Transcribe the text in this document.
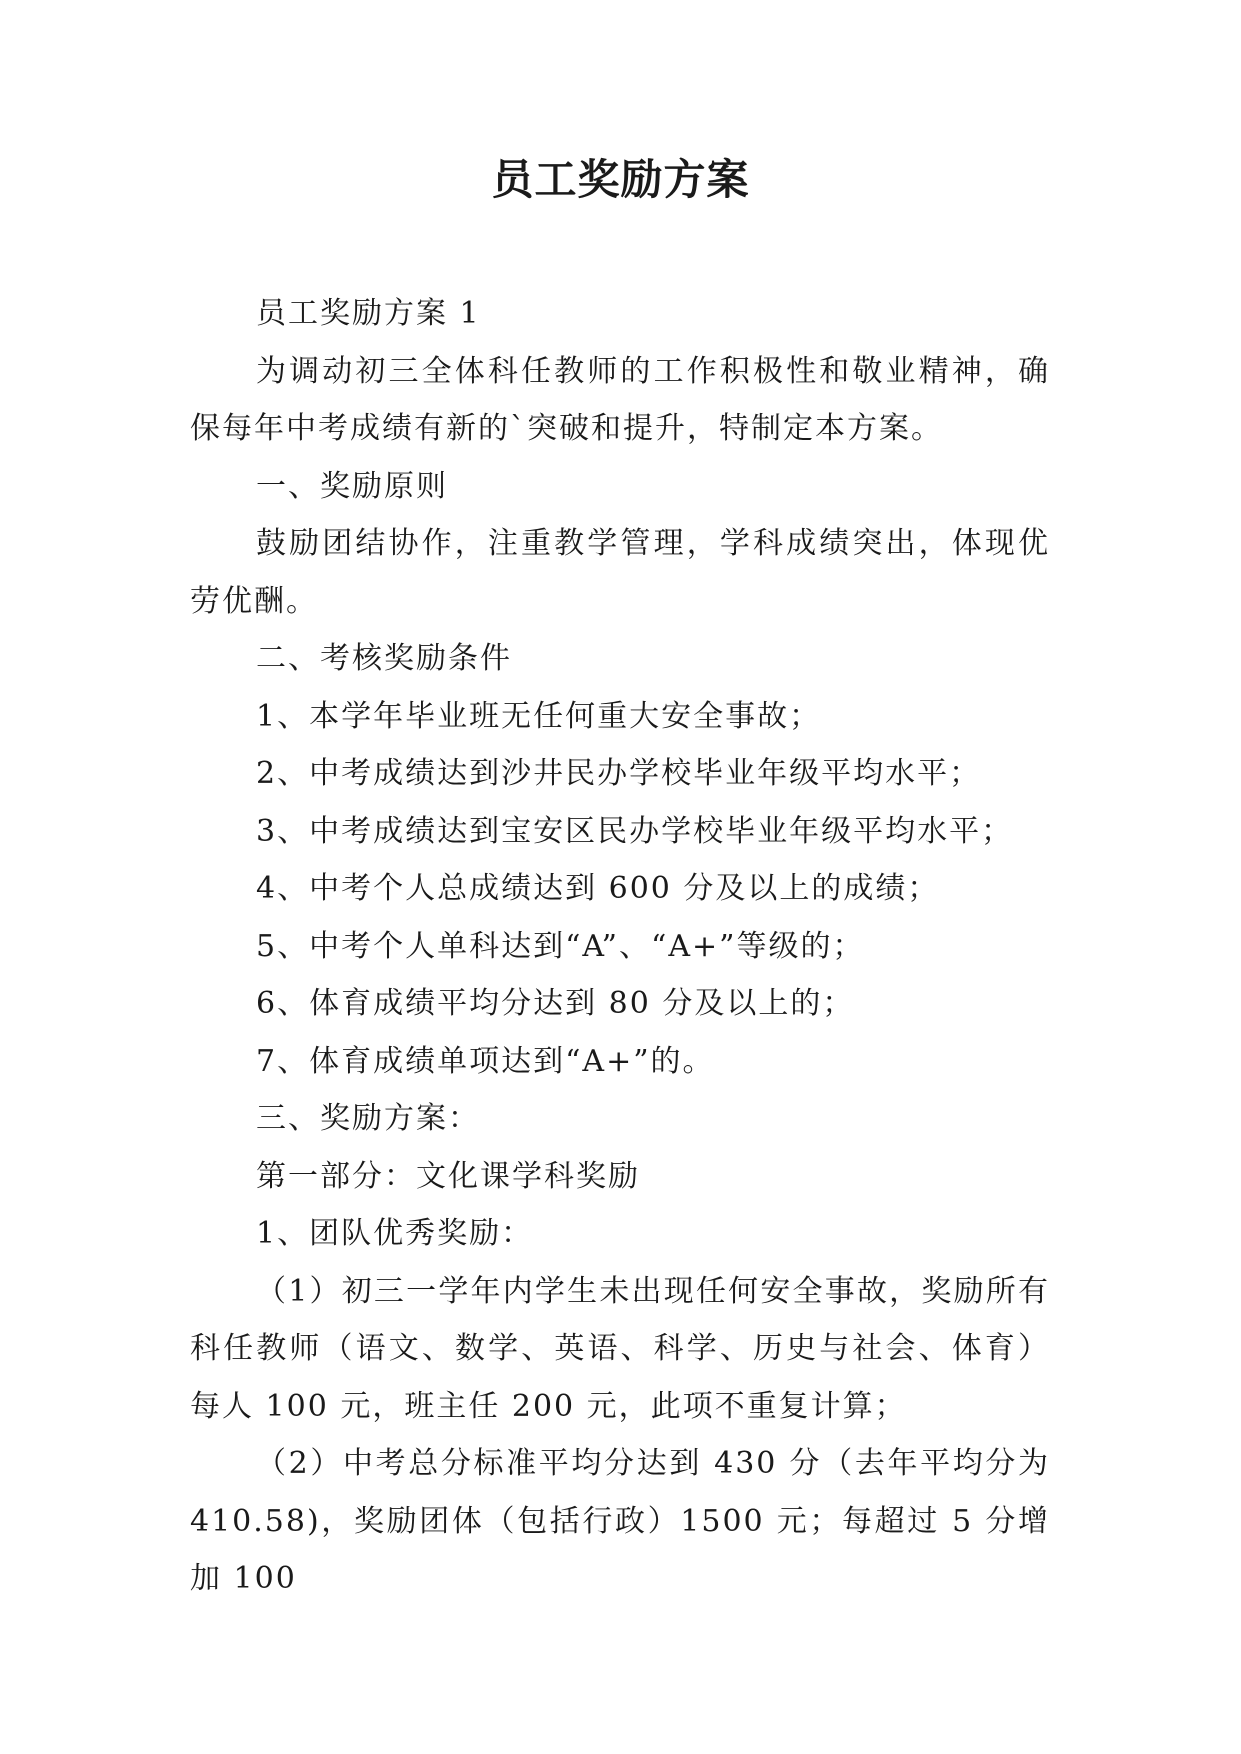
员工奖励方案

员工奖励方案 1

为调动初三全体科任教师的工作积极性和敬业精神，确保每年中考成绩有新的`突破和提升，特制定本方案。

一、奖励原则

鼓励团结协作，注重教学管理，学科成绩突出，体现优劳优酬。

二、考核奖励条件

1、本学年毕业班无任何重大安全事故；

2、中考成绩达到沙井民办学校毕业年级平均水平；

3、中考成绩达到宝安区民办学校毕业年级平均水平；

4、中考个人总成绩达到 600 分及以上的成绩；

5、中考个人单科达到“A”、“A+”等级的；

6、体育成绩平均分达到 80 分及以上的；

7、体育成绩单项达到“A+”的。

三、奖励方案：

第一部分：文化课学科奖励

1、团队优秀奖励：

（1）初三一学年内学生未出现任何安全事故，奖励所有科任教师（语文、数学、英语、科学、历史与社会、体育）每人 100 元，班主任 200 元，此项不重复计算；

（2）中考总分标准平均分达到 430 分（去年平均分为 410.58)，奖励团体（包括行政）1500 元；每超过 5 分增加 100
